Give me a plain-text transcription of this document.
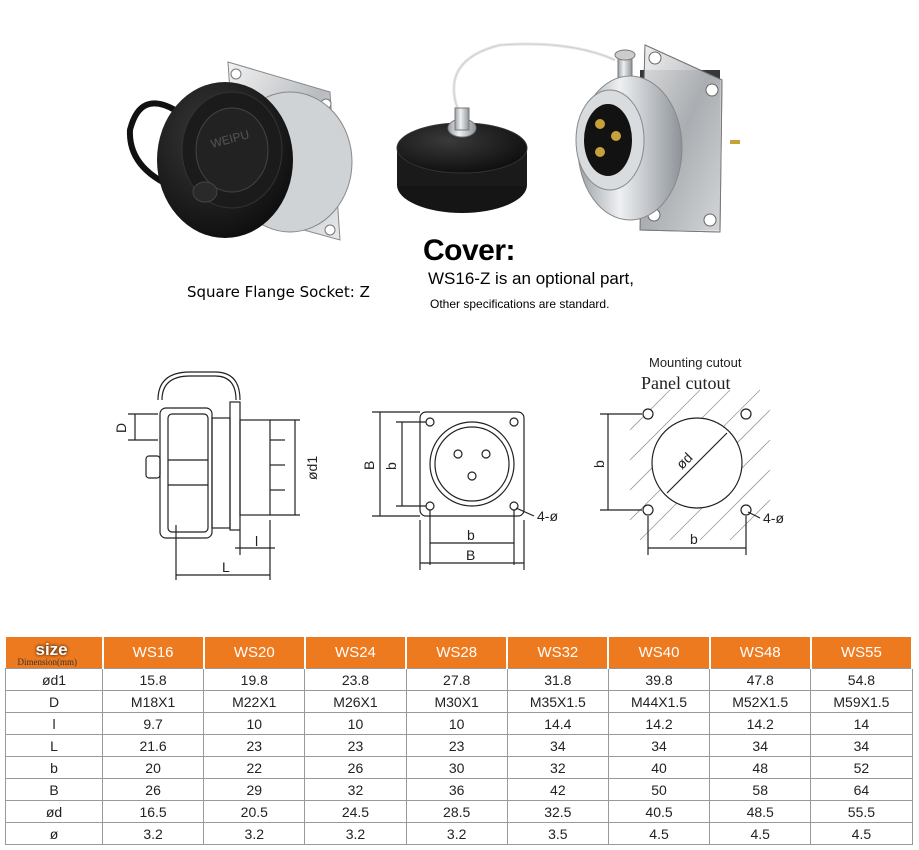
WEIPU
Square Flange Socket: Z
Cover:
WS16-Z is an optional part,
Other specifications are standard.
D
ød1
l
L
B b
b
B
4-ø
Mounting cutout
Panel cutout
b
b
ød
4-ø
size
Dimension(mm)	WS16	WS20	WS24	WS28	WS32	WS40	WS48	WS55
ød1	15.8	19.8	23.8	27.8	31.8	39.8	47.8	54.8
D	M18X1	M22X1	M26X1	M30X1	M35X1.5	M44X1.5	M52X1.5	M59X1.5
l	9.7	10	10	10	14.4	14.2	14.2	14
L	21.6	23	23	23	34	34	34	34
b	20	22	26	30	32	40	48	52
B	26	29	32	36	42	50	58	64
ød	16.5	20.5	24.5	28.5	32.5	40.5	48.5	55.5
ø	3.2	3.2	3.2	3.2	3.5	4.5	4.5	4.5
